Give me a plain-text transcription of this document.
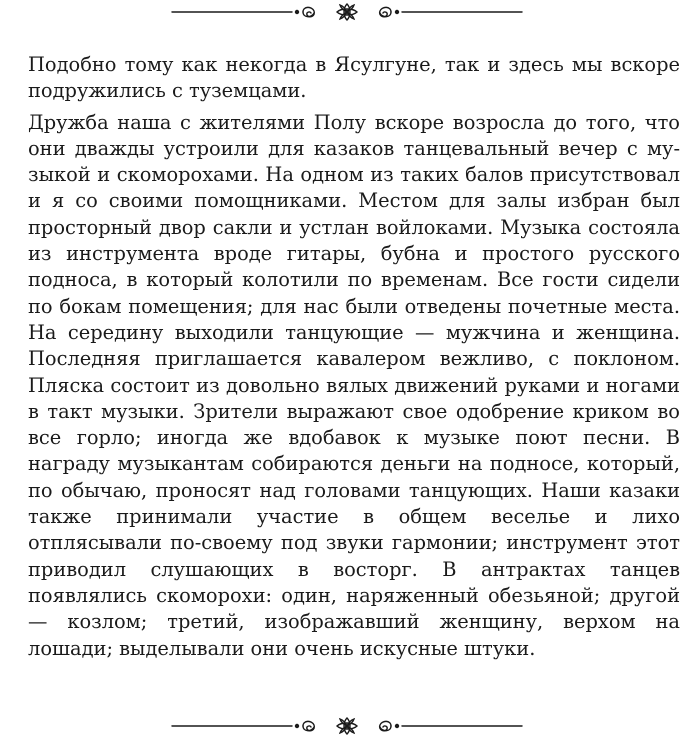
Подобно тому как некогда в Ясулгуне, так и здесь мы вскоре подружились с туземцами.

Дружба наша с жителями Полу вскоре возросла до того, что они дважды устроили для казаков танцевальный вечер с музыкой и скоморохами. На одном из таких балов присутствовал и я со своими помощниками. Местом для залы избран был просторный двор сакли и устлан войлоками. Музыка состояла из инструмента вроде гитары, бубна и простого русского подноса, в который колотили по временам. Все гости сидели по бокам помещения; для нас были отведены почетные места. На середину выходили танцующие — мужчина и женщина. Последняя приглашается кавалером вежливо, с поклоном. Пляска состоит из довольно вялых движений руками и ногами в такт музыки. Зрители выражают свое одобрение криком во все горло; иногда же вдобавок к музыке поют песни. В награду музыкантам собираются деньги на подносе, который, по обычаю, проносят над головами танцующих. Наши казаки также принимали участие в общем веселье и лихо отплясывали по-своему под звуки гармонии; инструмент этот приводил слушающих в восторг. В антрактах танцев появлялись скоморохи: один, наряженный обезьяной; другой — козлом; третий, изображавший женщину, верхом на лошади; выделывали они очень искусные штуки.
